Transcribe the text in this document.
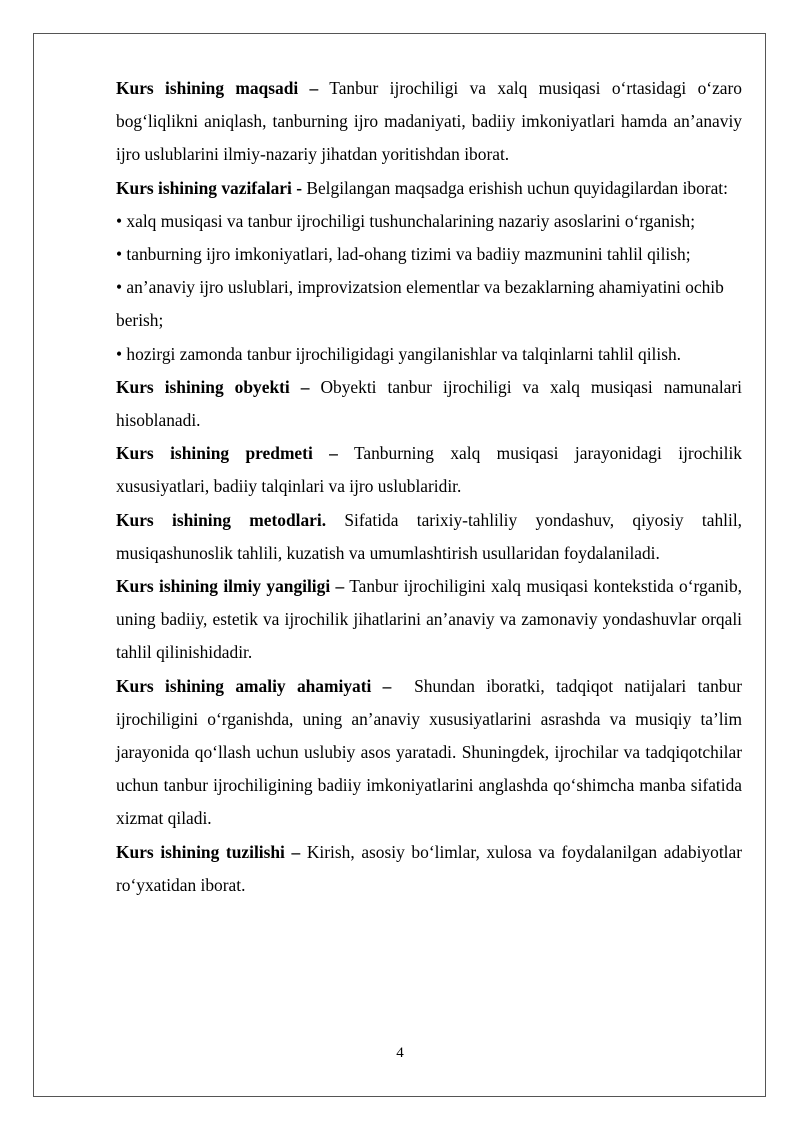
Kurs ishining maqsadi – Tanbur ijrochiligi va xalq musiqasi o‘rtasidagi o‘zaro bog‘liqlikni aniqlash, tanburning ijro madaniyati, badiiy imkoniyatlari hamda an’anaviy ijro uslublarini ilmiy-nazariy jihatdan yoritishdan iborat.

Kurs ishining vazifalari - Belgilangan maqsadga erishish uchun quyidagilardan iborat:

• xalq musiqasi va tanbur ijrochiligi tushunchalarining nazariy asoslarini o‘rganish;

• tanburning ijro imkoniyatlari, lad-ohang tizimi va badiiy mazmunini tahlil qilish;

• an’anaviy ijro uslublari, improvizatsion elementlar va bezaklarning ahamiyatini ochib berish;

• hozirgi zamonda tanbur ijrochiligidagi yangilanishlar va talqinlarni tahlil qilish.

Kurs ishining obyekti – Obyekti tanbur ijrochiligi va xalq musiqasi namunalari hisoblanadi.

Kurs ishining predmeti – Tanburning xalq musiqasi jarayonidagi ijrochilik xususiyatlari, badiiy talqinlari va ijro uslublaridir.

Kurs ishining metodlari. Sifatida tarixiy-tahliliy yondashuv, qiyosiy tahlil, musiqashunoslik tahlili, kuzatish va umumlashtirish usullaridan foydalaniladi.

Kurs ishining ilmiy yangiligi – Tanbur ijrochiligini xalq musiqasi kontekstida o‘rganib, uning badiiy, estetik va ijrochilik jihatlarini an’anaviy va zamonaviy yondashuvlar orqali tahlil qilinishidadir.

Kurs ishining amaliy ahamiyati –  Shundan iboratki, tadqiqot natijalari tanbur ijrochiligini o‘rganishda, uning an’anaviy xususiyatlarini asrashda va musiqiy ta’lim jarayonida qo‘llash uchun uslubiy asos yaratadi. Shuningdek, ijrochilar va tadqiqotchilar uchun tanbur ijrochiligining badiiy imkoniyatlarini anglashda qo‘shimcha manba sifatida xizmat qiladi.

Kurs ishining tuzilishi – Kirish, asosiy bo‘limlar, xulosa va foydalanilgan adabiyotlar ro‘yxatidan iborat.

4
